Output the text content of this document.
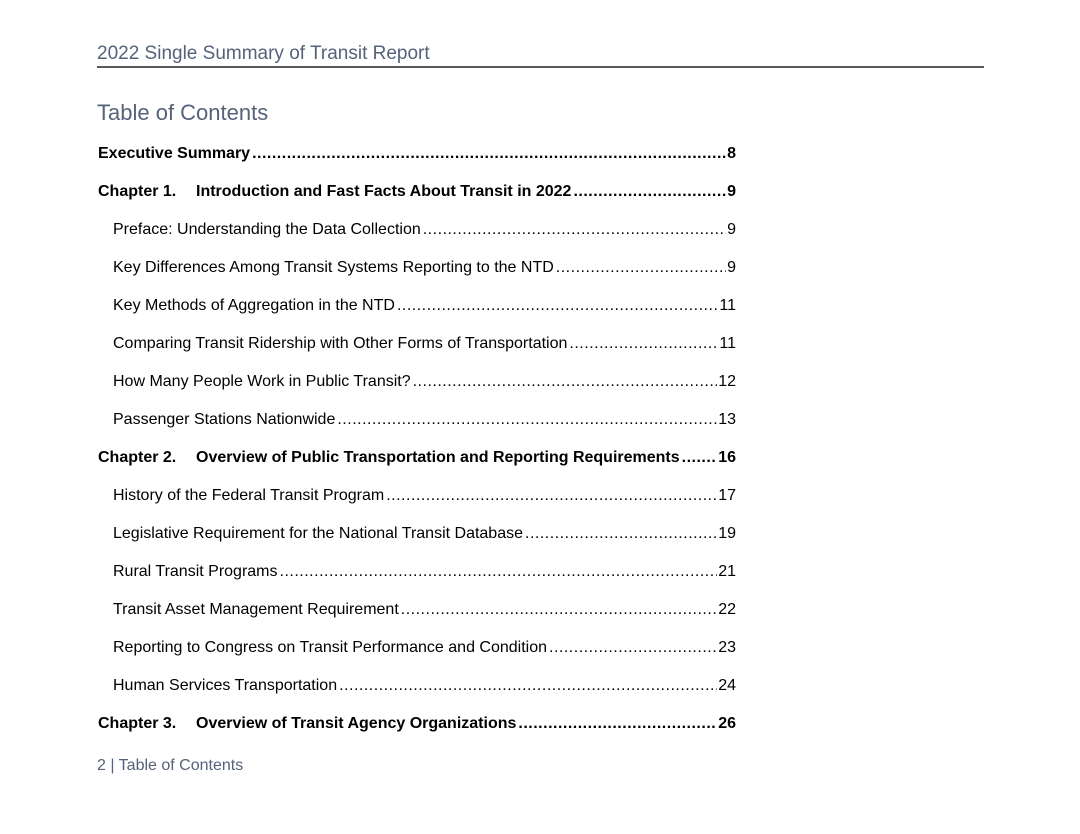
2022 Single Summary of Transit Report
Table of Contents
Executive Summary .....	8
Chapter 1. Introduction and Fast Facts About Transit in 2022 .....	9
Preface: Understanding the Data Collection .....	9
Key Differences Among Transit Systems Reporting to the NTD .....	9
Key Methods of Aggregation in the NTD .....	11
Comparing Transit Ridership with Other Forms of Transportation .....	11
How Many People Work in Public Transit? .....	12
Passenger Stations Nationwide .....	13
Chapter 2. Overview of Public Transportation and Reporting Requirements ..... 16
History of the Federal Transit Program .....	17
Legislative Requirement for the National Transit Database .....	19
Rural Transit Programs .....	21
Transit Asset Management Requirement .....	22
Reporting to Congress on Transit Performance and Condition .....	23
Human Services Transportation .....	24
Chapter 3. Overview of Transit Agency Organizations .....	26
2 | Table of Contents
